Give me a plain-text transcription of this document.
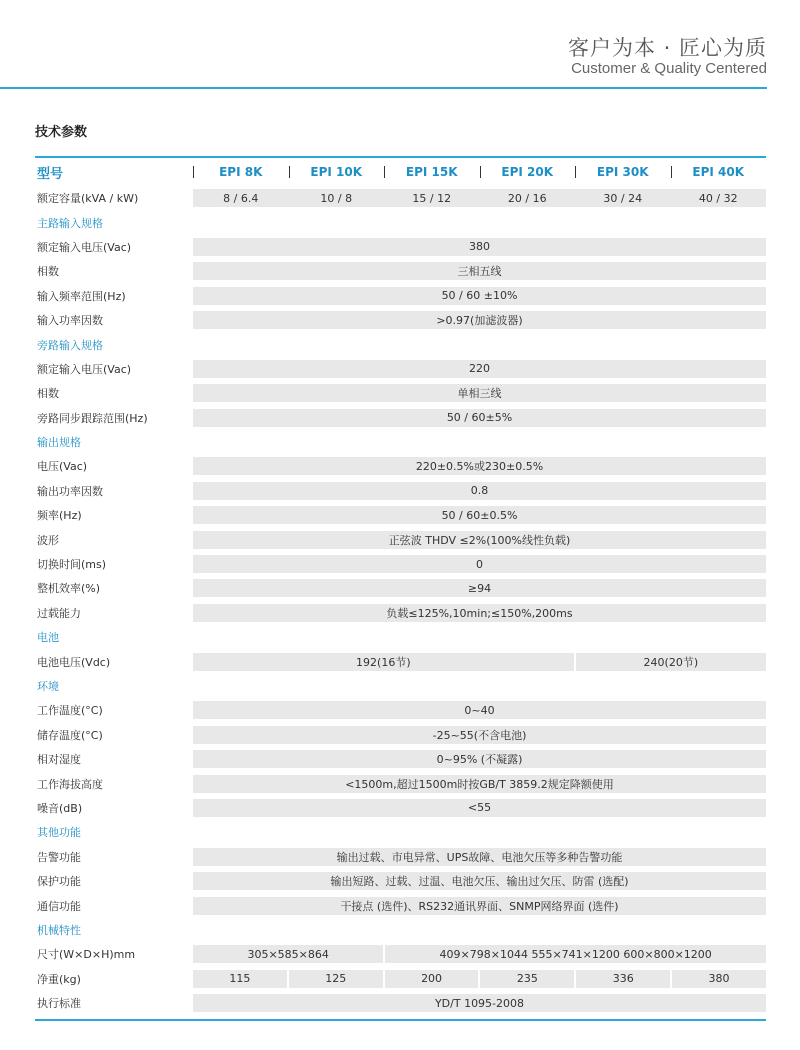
客户为本 · 匠心为质
Customer & Quality Centered
技术参数
型号	EPI 8K	EPI 10K	EPI 15K	EPI 20K	EPI 30K	EPI 40K
额定容量(kVA / kW)	8 / 6.4	10 / 8	15 / 12	20 / 16	30 / 24	40 / 32
主路输入规格
额定输入电压(Vac)	380
相数	三相五线
输入频率范围(Hz)	50 / 60 ±10%
输入功率因数	>0.97(加滤波器)
旁路输入规格
额定输入电压(Vac)	220
相数	单相三线
旁路同步跟踪范围(Hz)	50 / 60±5%
输出规格
电压(Vac)	220±0.5%或230±0.5%
输出功率因数	0.8
频率(Hz)	50 / 60±0.5%
波形	正弦波 THDV ≤2%(100%线性负载)
切换时间(ms)	0
整机效率(%)	≥94
过载能力	负载≤125%,10min;≤150%,200ms
电池
电池电压(Vdc)	192(16节)	240(20节)
环境
工作温度(°C)	0~40
储存温度(°C)	-25~55(不含电池)
相对湿度	0~95% (不凝露)
工作海拔高度	<1500m,超过1500m时按GB/T 3859.2规定降额使用
噪音(dB)	<55
其他功能
告警功能	输出过载、市电异常、UPS故障、电池欠压等多种告警功能
保护功能	输出短路、过载、过温、电池欠压、输出过欠压、防雷 (选配)
通信功能	干接点 (选件)、RS232通讯界面、SNMP网络界面 (选件)
机械特性
尺寸(W×D×H)mm	305×585×864	409×798×1044 555×741×1200 600×800×1200
净重(kg)	115	125	200	235	336	380
执行标准	YD/T 1095-2008
